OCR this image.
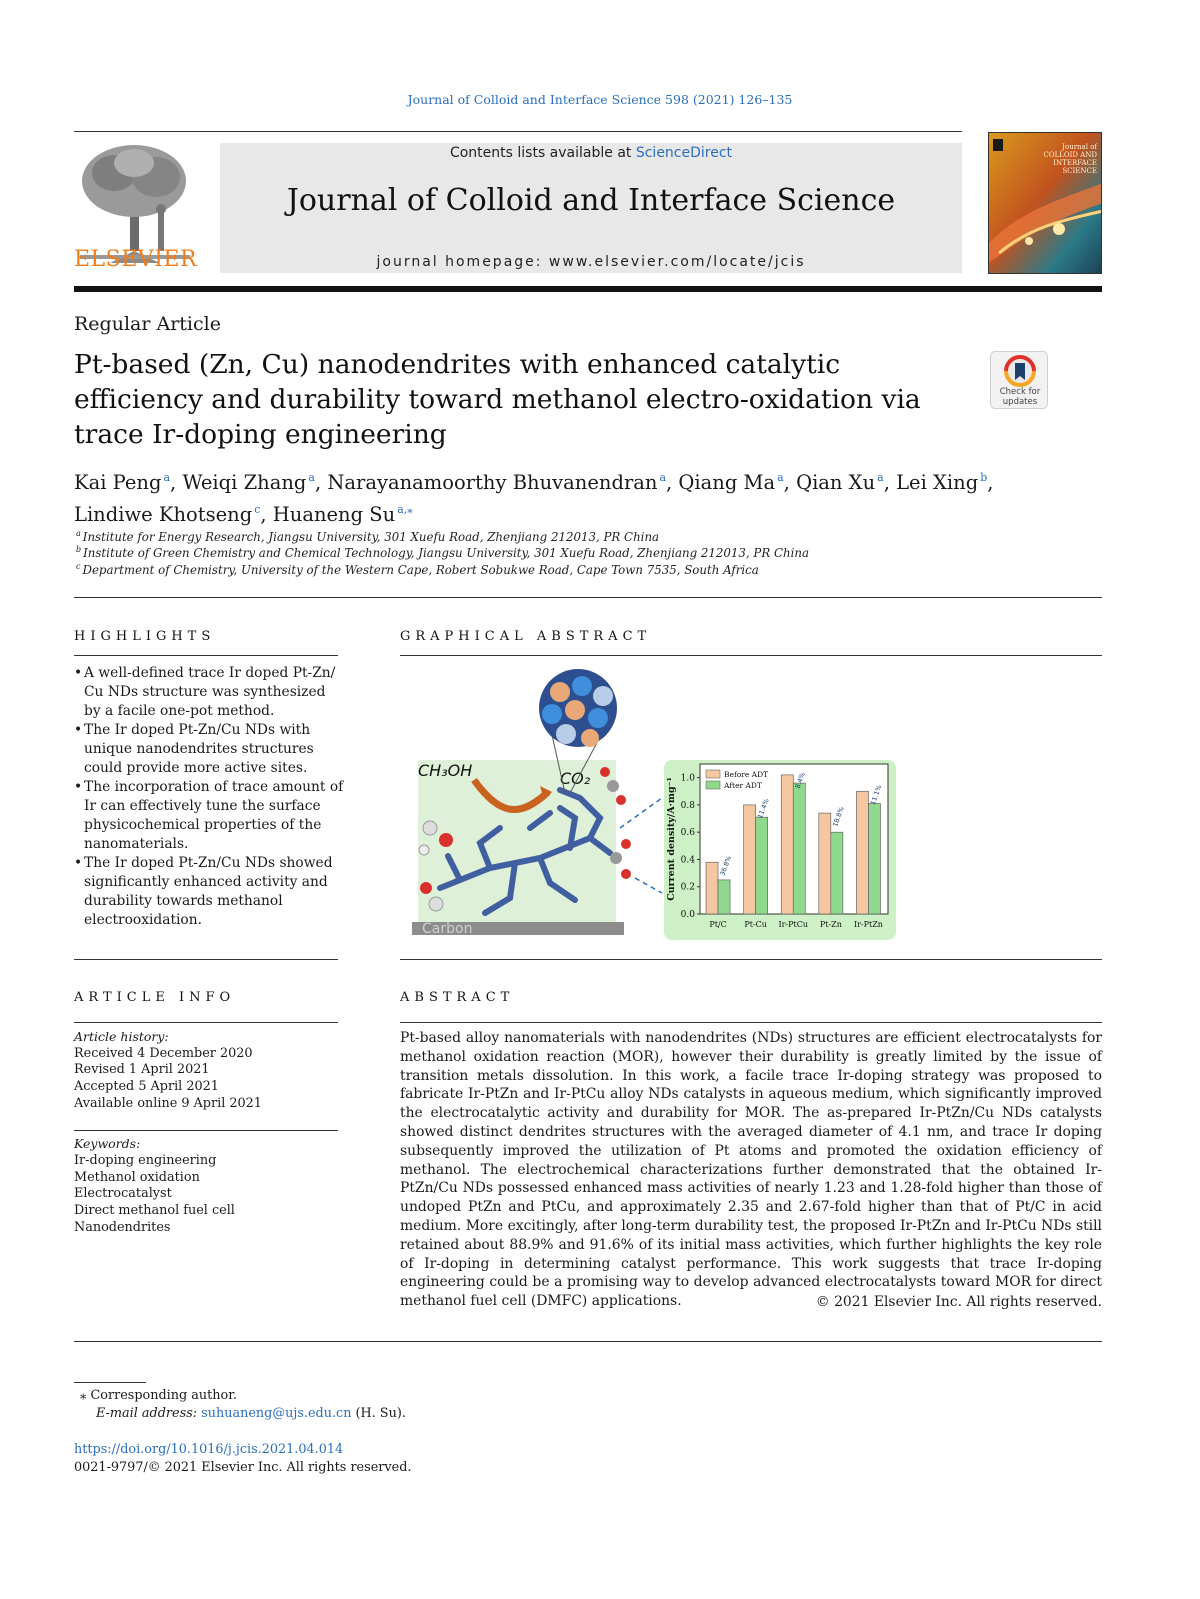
Journal of Colloid and Interface Science 598 (2021) 126–135
ELSEVIER
Contents lists available at ScienceDirect
Journal of Colloid and Interface Science
journal homepage: www.elsevier.com/locate/jcis
Journal of COLLOID AND INTERFACE SCIENCE
Regular Article
Pt-based (Zn, Cu) nanodendrites with enhanced catalytic efficiency and durability toward methanol electro-oxidation via trace Ir-doping engineering
Check for updates
Kai Peng $^a$, Weiqi Zhang $^a$, Narayanamoorthy Bhuvanendran $^a$, Qiang Ma $^a$, Qian Xu $^a$, Lei Xing $^b$,
Lindiwe Khotseng $^c$, Huaneng Su $^{a,⁎}$
$^a$ Institute for Energy Research, Jiangsu University, 301 Xuefu Road, Zhenjiang 212013, PR China
$^b$ Institute of Green Chemistry and Chemical Technology, Jiangsu University, 301 Xuefu Road, Zhenjiang 212013, PR China
$^c$ Department of Chemistry, University of the Western Cape, Robert Sobukwe Road, Cape Town 7535, South Africa
HIGHLIGHTS
• A well-defined trace Ir doped Pt-Zn/ Cu NDs structure was synthesized by a facile one-pot method.
• The Ir doped Pt-Zn/Cu NDs with unique nanodendrites structures could provide more active sites.
• The incorporation of trace amount of Ir can effectively tune the surface physicochemical properties of the nanomaterials.
• The Ir doped Pt-Zn/Cu NDs showed significantly enhanced activity and durability towards methanol electrooxidation.
GRAPHICAL ABSTRACT
Carbon
CH₃OH	CO₂
0.0
0.2
0.4
0.6
0.8
1.0
Current density/A·mg⁻¹
Pt/C
36.8%
Pt-Cu
11.4%
Ir-PtCu
8.4%
Pt-Zn
18.8%
Ir-PtZn
11.1%
Before ADT
After ADT
ARTICLE INFO
Article history:
Received 4 December 2020
Revised 1 April 2021
Accepted 5 April 2021
Available online 9 April 2021
Keywords:
Ir-doping engineering
Methanol oxidation
Electrocatalyst
Direct methanol fuel cell
Nanodendrites
ABSTRACT
Pt-based alloy nanomaterials with nanodendrites (NDs) structures are efficient electrocatalysts for methanol oxidation reaction (MOR), however their durability is greatly limited by the issue of transition metals dissolution. In this work, a facile trace Ir-doping strategy was proposed to fabricate Ir-PtZn and Ir-PtCu alloy NDs catalysts in aqueous medium, which significantly improved the electrocatalytic activity and durability for MOR. The as-prepared Ir-PtZn/Cu NDs catalysts showed distinct dendrites structures with the averaged diameter of 4.1 nm, and trace Ir doping subsequently improved the utilization of Pt atoms and promoted the oxidation efficiency of methanol. The electrochemical characterizations further demonstrated that the obtained Ir-PtZn/Cu NDs possessed enhanced mass activities of nearly 1.23 and 1.28-fold higher than those of undoped PtZn and PtCu, and approximately 2.35 and 2.67-fold higher than that of Pt/C in acid medium. More excitingly, after long-term durability test, the proposed Ir-PtZn and Ir-PtCu NDs still retained about 88.9% and 91.6% of its initial mass activities, which further highlights the key role of Ir-doping in determining catalyst performance. This work suggests that trace Ir-doping engineering could be a promising way to develop advanced electrocatalysts toward MOR for direct methanol fuel cell (DMFC) applications.	© 2021 Elsevier Inc. All rights reserved.
⁎ Corresponding author.
E-mail address: suhuaneng@ujs.edu.cn (H. Su).
https://doi.org/10.1016/j.jcis.2021.04.014
0021-9797/© 2021 Elsevier Inc. All rights reserved.
